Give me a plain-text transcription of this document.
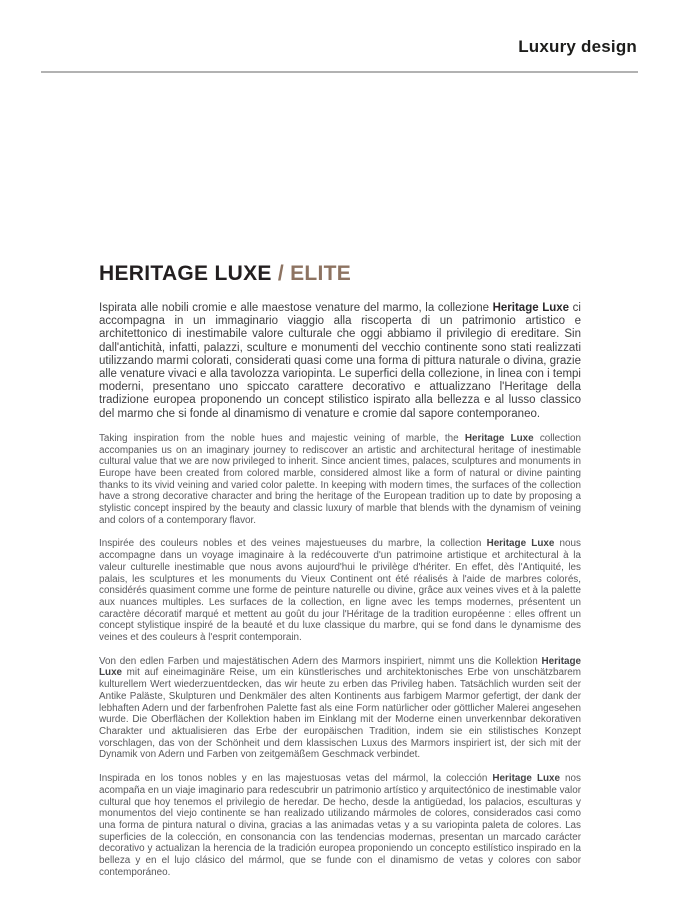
Luxury design
HERITAGE LUXE / ELITE

Ispirata alle nobili cromie e alle maestose venature del marmo, la collezione Heritage Luxe ci accompagna in un immaginario viaggio alla riscoperta di un patrimonio artistico e architettonico di inestimabile valore culturale che oggi abbiamo il privilegio di ereditare. Sin dall'antichità, infatti, palazzi, sculture e monumenti del vecchio continente sono stati realizzati utilizzando marmi colorati, considerati quasi come una forma di pittura naturale o divina, grazie alle venature vivaci e alla tavolozza variopinta. Le superfici della collezione, in linea con i tempi moderni, presentano uno spiccato carattere decorativo e attualizzano l'Heritage della tradizione europea proponendo un concept stilistico ispirato alla bellezza e al lusso classico del marmo che si fonde al dinamismo di venature e cromie dal sapore contemporaneo.

Taking inspiration from the noble hues and majestic veining of marble, the Heritage Luxe collection accompanies us on an imaginary journey to rediscover an artistic and architectural heritage of inestimable cultural value that we are now privileged to inherit. Since ancient times, palaces, sculptures and monuments in Europe have been created from colored marble, considered almost like a form of natural or divine painting thanks to its vivid veining and varied color palette. In keeping with modern times, the surfaces of the collection have a strong decorative character and bring the heritage of the European tradition up to date by proposing a stylistic concept inspired by the beauty and classic luxury of marble that blends with the dynamism of veining and colors of a contemporary flavor.

Inspirée des couleurs nobles et des veines majestueuses du marbre, la collection Heritage Luxe nous accompagne dans un voyage imaginaire à la redécouverte d'un patrimoine artistique et architectural à la valeur culturelle inestimable que nous avons aujourd'hui le privilège d'hériter. En effet, dès l'Antiquité, les palais, les sculptures et les monuments du Vieux Continent ont été réalisés à l'aide de marbres colorés, considérés quasiment comme une forme de peinture naturelle ou divine, grâce aux veines vives et à la palette aux nuances multiples. Les surfaces de la collection, en ligne avec les temps modernes, présentent un caractère décoratif marqué et mettent au goût du jour l'Héritage de la tradition européenne : elles offrent un concept stylistique inspiré de la beauté et du luxe classique du marbre, qui se fond dans le dynamisme des veines et des couleurs à l'esprit contemporain.

Von den edlen Farben und majestätischen Adern des Marmors inspiriert, nimmt uns die Kollektion Heritage Luxe mit auf eineimaginäre Reise, um ein künstlerisches und architektonisches Erbe von unschätzbarem kulturellem Wert wiederzuentdecken, das wir heute zu erben das Privileg haben. Tatsächlich wurden seit der Antike Paläste, Skulpturen und Denkmäler des alten Kontinents aus farbigem Marmor gefertigt, der dank der lebhaften Adern und der farbenfrohen Palette fast als eine Form natürlicher oder göttlicher Malerei angesehen wurde. Die Oberflächen der Kollektion haben im Einklang mit der Moderne einen unverkennbar dekorativen Charakter und aktualisieren das Erbe der europäischen Tradition, indem sie ein stilistisches Konzept vorschlagen, das von der Schönheit und dem klassischen Luxus des Marmors inspiriert ist, der sich mit der Dynamik von Adern und Farben von zeitgemäßem Geschmack verbindet.

Inspirada en los tonos nobles y en las majestuosas vetas del mármol, la colección Heritage Luxe nos acompaña en un viaje imaginario para redescubrir un patrimonio artístico y arquitectónico de inestimable valor cultural que hoy tenemos el privilegio de heredar. De hecho, desde la antigüedad, los palacios, esculturas y monumentos del viejo continente se han realizado utilizando mármoles de colores, considerados casi como una forma de pintura natural o divina, gracias a las animadas vetas y a su variopinta paleta de colores. Las superficies de la colección, en consonancia con las tendencias modernas, presentan un marcado carácter decorativo y actualizan la herencia de la tradición europea proponiendo un concepto estilístico inspirado en la belleza y en el lujo clásico del mármol, que se funde con el dinamismo de vetas y colores con sabor contemporáneo.
